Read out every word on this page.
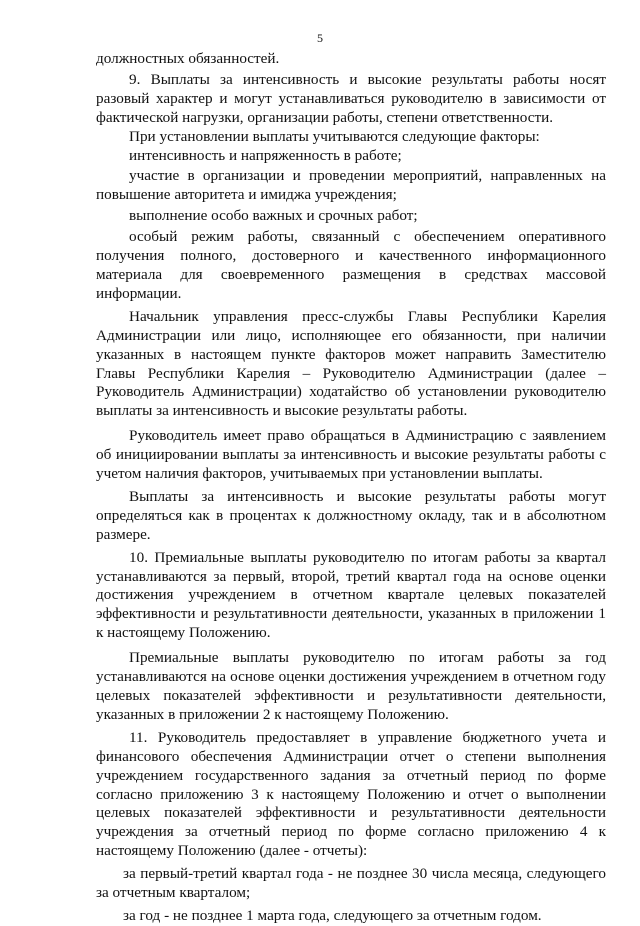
5

должностных обязанностей.

9. Выплаты за интенсивность и высокие результаты работы носят разовый характер и могут устанавливаться руководителю в зависимости от фактической нагрузки, организации работы, степени ответственности.

При установлении выплаты учитываются следующие факторы:

интенсивность и напряженность в работе;

участие в организации и проведении мероприятий, направленных на повышение авторитета и имиджа учреждения;

выполнение особо важных и срочных работ;

особый режим работы, связанный с обеспечением оперативного получения полного, достоверного и качественного информационного материала для своевременного размещения в средствах массовой информации.

Начальник управления пресс-службы Главы Республики Карелия Администрации или лицо, исполняющее его обязанности, при наличии указанных в настоящем пункте факторов может направить Заместителю Главы Республики Карелия – Руководителю Администрации (далее – Руководитель Администрации) ходатайство об установлении руководителю выплаты за интенсивность и высокие результаты работы.

Руководитель имеет право обращаться в Администрацию с заявлением об инициировании выплаты за интенсивность и высокие результаты работы с учетом наличия факторов, учитываемых при установлении выплаты.

Выплаты за интенсивность и высокие результаты работы могут определяться как в процентах к должностному окладу, так и в абсолютном размере.

10. Премиальные выплаты руководителю по итогам работы за квартал устанавливаются за первый, второй, третий квартал года на основе оценки достижения учреждением в отчетном квартале целевых показателей эффективности и результативности деятельности, указанных в приложении 1 к настоящему Положению.

Премиальные выплаты руководителю по итогам работы за год устанавливаются на основе оценки достижения учреждением в отчетном году целевых показателей эффективности и результативности деятельности, указанных в приложении 2 к настоящему Положению.

11. Руководитель предоставляет в управление бюджетного учета и финансового обеспечения Администрации отчет о степени выполнения учреждением государственного задания за отчетный период по форме согласно приложению 3 к настоящему Положению и отчет о выполнении целевых показателей эффективности и результативности деятельности учреждения за отчетный период по форме согласно приложению 4 к настоящему Положению (далее - отчеты):

за первый-третий квартал года - не позднее 30 числа месяца, следующего за отчетным кварталом;

за год - не позднее 1 марта года, следующего за отчетным годом.
